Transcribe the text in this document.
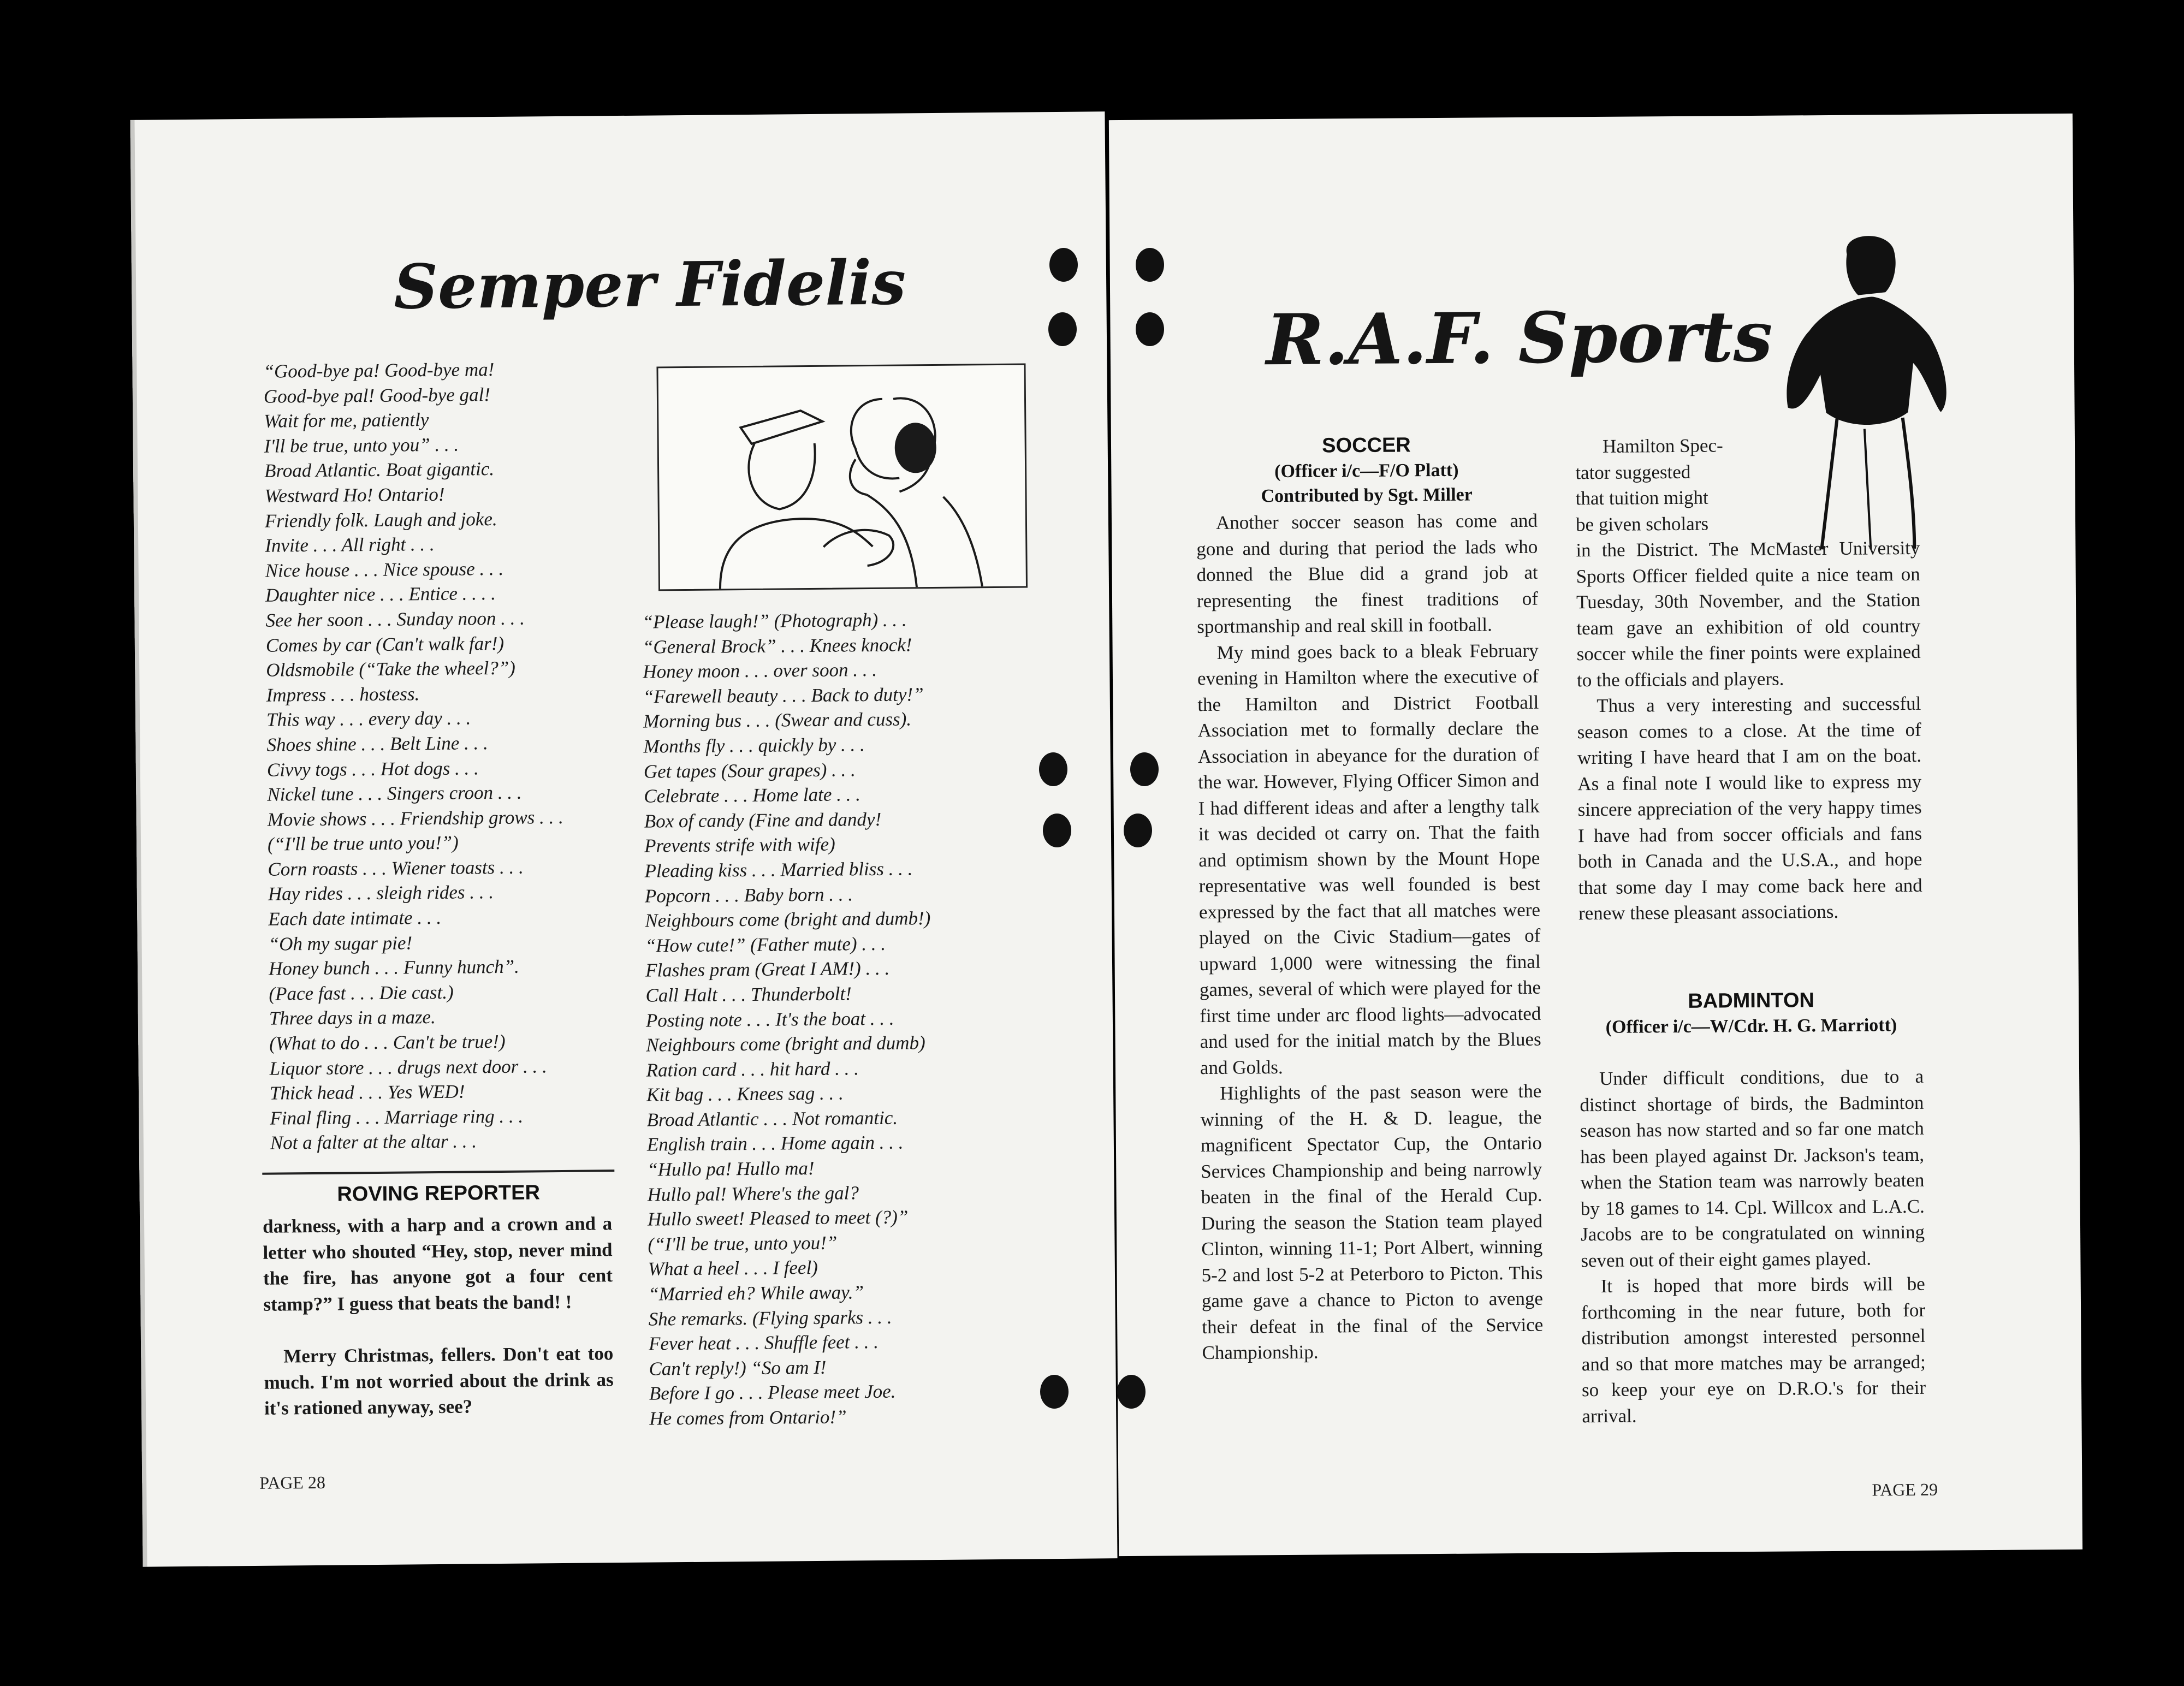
Semper Fidelis
“Good-bye pa! Good-bye ma!
Good-bye pal! Good-bye gal!
Wait for me, patiently
I'll be true, unto you” . . .
Broad Atlantic. Boat gigantic.
Westward Ho! Ontario!
Friendly folk. Laugh and joke.
Invite . . . All right . . .
Nice house . . . Nice spouse . . .
Daughter nice . . . Entice . . . .
See her soon . . . Sunday noon . . .
Comes by car (Can't walk far!)
Oldsmobile (“Take the wheel?”)
Impress . . . hostess.
This way . . . every day . . .
Shoes shine . . . Belt Line . . .
Civvy togs . . . Hot dogs . . .
Nickel tune . . . Singers croon . . .
Movie shows . . . Friendship grows . . .
(“I'll be true unto you!”)
Corn roasts . . . Wiener toasts . . .
Hay rides . . . sleigh rides . . .
Each date intimate . . .
“Oh my sugar pie!
Honey bunch . . . Funny hunch”.
(Pace fast . . . Die cast.)
Three days in a maze.
(What to do . . . Can't be true!)
Liquor store . . . drugs next door . . .
Thick head . . . Yes WED!
Final fling . . . Marriage ring . . .
Not a falter at the altar . . .
“Please laugh!” (Photograph) . . .
“General Brock” . . . Knees knock!
Honey moon . . . over soon . . .
“Farewell beauty . . . Back to duty!”
Morning bus . . . (Swear and cuss).
Months fly . . . quickly by . . .
Get tapes (Sour grapes) . . .
Celebrate . . . Home late . . .
Box of candy (Fine and dandy!
Prevents strife with wife)
Pleading kiss . . . Married bliss . . .
Popcorn . . . Baby born . . .
Neighbours come (bright and dumb!)
“How cute!” (Father mute) . . .
Flashes pram (Great I AM!) . . .
Call Halt . . . Thunderbolt!
Posting note . . . It's the boat . . .
Neighbours come (bright and dumb)
Ration card . . . hit hard . . .
Kit bag . . . Knees sag . . .
Broad Atlantic . . . Not romantic.
English train . . . Home again . . .
“Hullo pa! Hullo ma!
Hullo pal! Where's the gal?
Hullo sweet! Pleased to meet (?)”
(“I'll be true, unto you!”
What a heel . . . I feel)
“Married eh? While away.”
She remarks. (Flying sparks . . .
Fever heat . . . Shuffle feet . . .
Can't reply!) “So am I!
Before I go . . . Please meet Joe.
He comes from Ontario!”
ROVING REPORTER

darkness, with a harp and a crown and a letter who shouted “Hey, stop, never mind the fire, has anyone got a four cent stamp?” I guess that beats the band! !

Merry Christmas, fellers. Don't eat too much. I'm not worried about the drink as it's rationed anyway, see?

PAGE 28

R.A.F. Sports
SOCCER

(Officer i/c—F/O Platt)

Contributed by Sgt. Miller

Another soccer season has come and gone and during that period the lads who donned the Blue did a grand job at representing the finest traditions of sportmanship and real skill in football.

My mind goes back to a bleak February evening in Hamilton where the executive of the Hamilton and District Football Association met to formally declare the Association in abeyance for the duration of the war. However, Flying Officer Simon and I had different ideas and after a lengthy talk it was decided ot carry on. That the faith and optimism shown by the Mount Hope representative was well founded is best expressed by the fact that all matches were played on the Civic Stadium—gates of upward 1,000 were witnessing the final games, several of which were played for the first time under arc flood lights—advocated and used for the initial match by the Blues and Golds.

Highlights of the past season were the winning of the H. & D. league, the magnificent Spectator Cup, the Ontario Services Championship and being narrowly beaten in the final of the Herald Cup. During the season the Station team played Clinton, winning 11-1; Port Albert, winning 5-2 and lost 5-2 at Peterboro to Picton. This game gave a chance to Picton to avenge their defeat in the final of the Service Championship.

Hamilton Spec-
tator suggested
that tuition might
be given scholars

in the District. The McMaster University Sports Officer fielded quite a nice team on Tuesday, 30th November, and the Station team gave an exhibition of old country soccer while the finer points were explained to the officials and players.

Thus a very interesting and successful season comes to a close. At the time of writing I have heard that I am on the boat. As a final note I would like to express my sincere appreciation of the very happy times I have had from soccer officials and fans both in Canada and the U.S.A., and hope that some day I may come back here and renew these pleasant associations.

BADMINTON

(Officer i/c—W/Cdr. H. G. Marriott)

Under difficult conditions, due to a distinct shortage of birds, the Badminton season has now started and so far one match has been played against Dr. Jackson's team, when the Station team was narrowly beaten by 18 games to 14. Cpl. Willcox and L.A.C. Jacobs are to be congratulated on winning seven out of their eight games played.

It is hoped that more birds will be forthcoming in the near future, both for distribution amongst interested personnel and so that more matches may be arranged; so keep your eye on D.R.O.'s for their arrival.

PAGE 29
